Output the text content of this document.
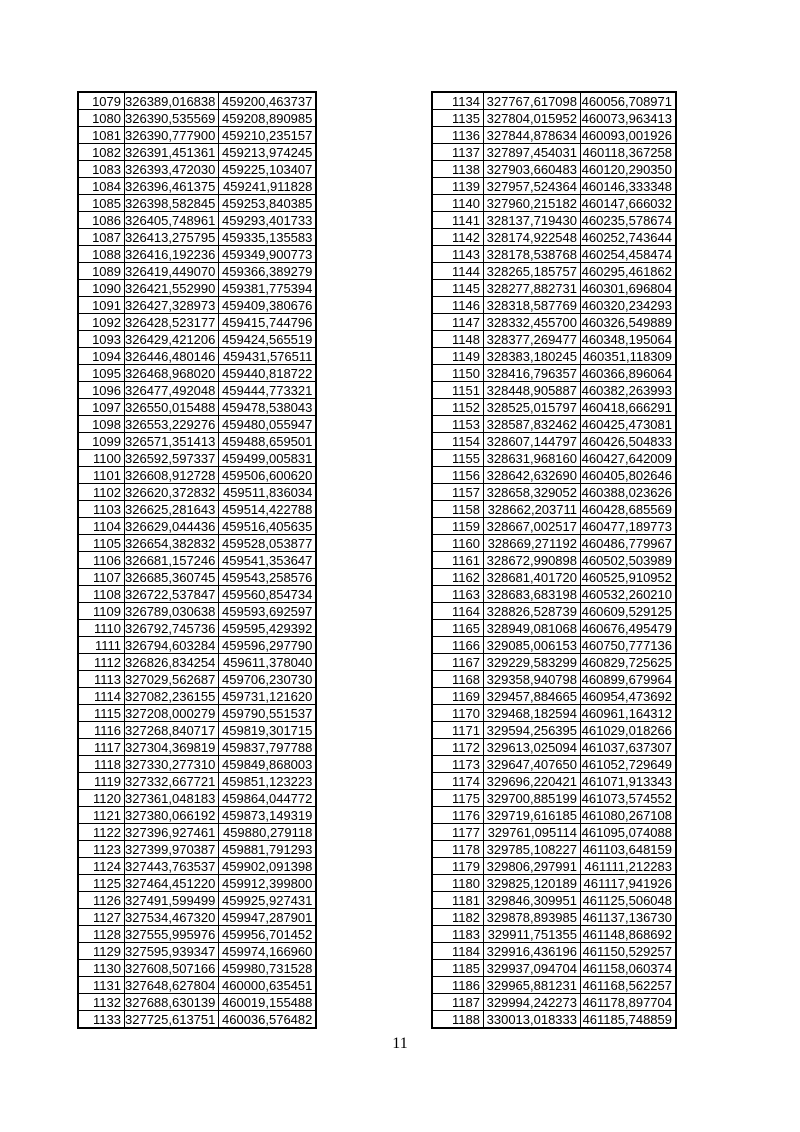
1079	326389,016838	459200,463737
1080	326390,535569	459208,890985
1081	326390,777900	459210,235157
1082	326391,451361	459213,974245
1083	326393,472030	459225,103407
1084	326396,461375	459241,911828
1085	326398,582845	459253,840385
1086	326405,748961	459293,401733
1087	326413,275795	459335,135583
1088	326416,192236	459349,900773
1089	326419,449070	459366,389279
1090	326421,552990	459381,775394
1091	326427,328973	459409,380676
1092	326428,523177	459415,744796
1093	326429,421206	459424,565519
1094	326446,480146	459431,576511
1095	326468,968020	459440,818722
1096	326477,492048	459444,773321
1097	326550,015488	459478,538043
1098	326553,229276	459480,055947
1099	326571,351413	459488,659501
1100	326592,597337	459499,005831
1101	326608,912728	459506,600620
1102	326620,372832	459511,836034
1103	326625,281643	459514,422788
1104	326629,044436	459516,405635
1105	326654,382832	459528,053877
1106	326681,157246	459541,353647
1107	326685,360745	459543,258576
1108	326722,537847	459560,854734
1109	326789,030638	459593,692597
1110	326792,745736	459595,429392
1111	326794,603284	459596,297790
1112	326826,834254	459611,378040
1113	327029,562687	459706,230730
1114	327082,236155	459731,121620
1115	327208,000279	459790,551537
1116	327268,840717	459819,301715
1117	327304,369819	459837,797788
1118	327330,277310	459849,868003
1119	327332,667721	459851,123223
1120	327361,048183	459864,044772
1121	327380,066192	459873,149319
1122	327396,927461	459880,279118
1123	327399,970387	459881,791293
1124	327443,763537	459902,091398
1125	327464,451220	459912,399800
1126	327491,599499	459925,927431
1127	327534,467320	459947,287901
1128	327555,995976	459956,701452
1129	327595,939347	459974,166960
1130	327608,507166	459980,731528
1131	327648,627804	460000,635451
1132	327688,630139	460019,155488
1133	327725,613751	460036,576482
1134	327767,617098	460056,708971
1135	327804,015952	460073,963413
1136	327844,878634	460093,001926
1137	327897,454031	460118,367258
1138	327903,660483	460120,290350
1139	327957,524364	460146,333348
1140	327960,215182	460147,666032
1141	328137,719430	460235,578674
1142	328174,922548	460252,743644
1143	328178,538768	460254,458474
1144	328265,185757	460295,461862
1145	328277,882731	460301,696804
1146	328318,587769	460320,234293
1147	328332,455700	460326,549889
1148	328377,269477	460348,195064
1149	328383,180245	460351,118309
1150	328416,796357	460366,896064
1151	328448,905887	460382,263993
1152	328525,015797	460418,666291
1153	328587,832462	460425,473081
1154	328607,144797	460426,504833
1155	328631,968160	460427,642009
1156	328642,632690	460405,802646
1157	328658,329052	460388,023626
1158	328662,203711	460428,685569
1159	328667,002517	460477,189773
1160	328669,271192	460486,779967
1161	328672,990898	460502,503989
1162	328681,401720	460525,910952
1163	328683,683198	460532,260210
1164	328826,528739	460609,529125
1165	328949,081068	460676,495479
1166	329085,006153	460750,777136
1167	329229,583299	460829,725625
1168	329358,940798	460899,679964
1169	329457,884665	460954,473692
1170	329468,182594	460961,164312
1171	329594,256395	461029,018266
1172	329613,025094	461037,637307
1173	329647,407650	461052,729649
1174	329696,220421	461071,913343
1175	329700,885199	461073,574552
1176	329719,616185	461080,267108
1177	329761,095114	461095,074088
1178	329785,108227	461103,648159
1179	329806,297991	461111,212283
1180	329825,120189	461117,941926
1181	329846,309951	461125,506048
1182	329878,893985	461137,136730
1183	329911,751355	461148,868692
1184	329916,436196	461150,529257
1185	329937,094704	461158,060374
1186	329965,881231	461168,562257
1187	329994,242273	461178,897704
1188	330013,018333	461185,748859
11
